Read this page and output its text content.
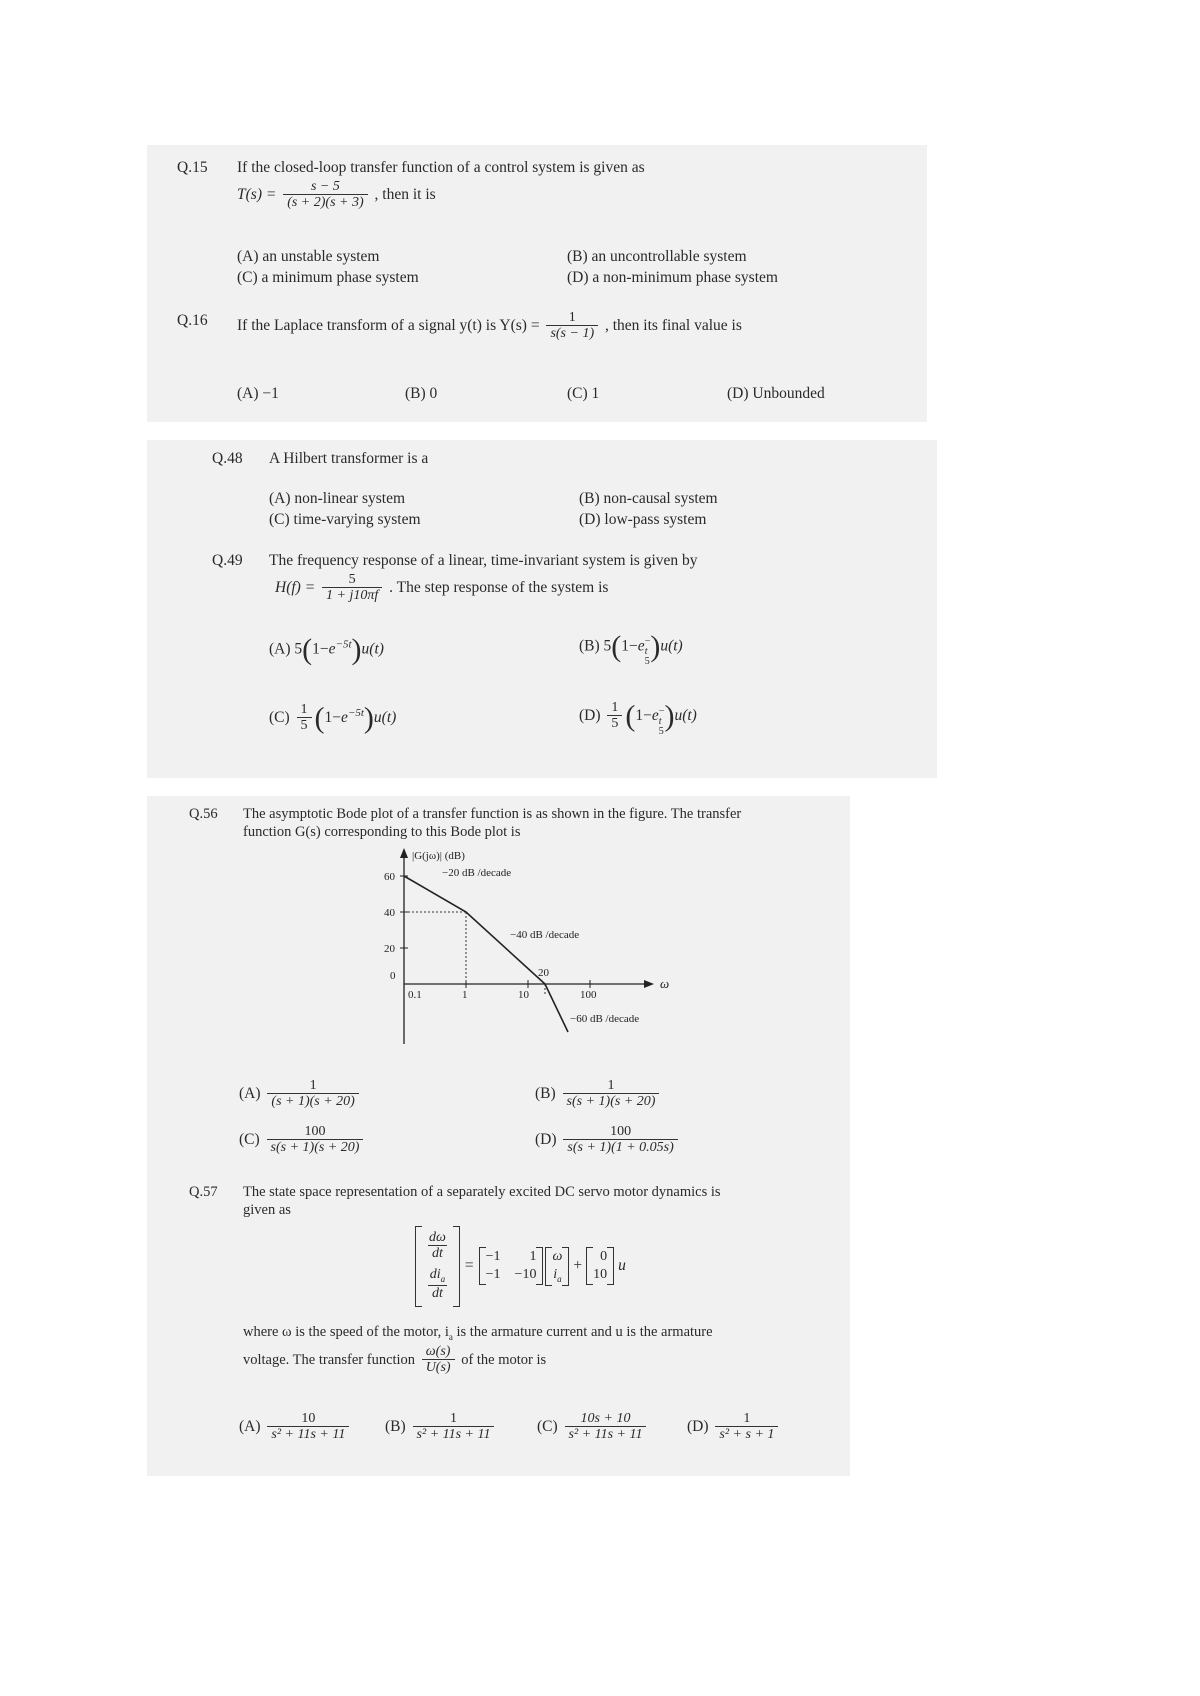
Q.15 If the closed-loop transfer function of a control system is given as
$T(s) = \frac{s - 5}{(s + 2)(s + 3)}$ , then it is
(A) an unstable system	(B) an uncontrollable system
(C) a minimum phase system	(D) a non-minimum phase system
Q.16 If the Laplace transform of a signal y(t) is $Y(s) = \frac{1}{s(s - 1)}$ , then its final value is
(A) −1	(B) 0	(C) 1	(D) Unbounded
Q.48 A Hilbert transformer is a
(A) non-linear system	(B) non-causal system
(C) time-varying system	(D) low-pass system
Q.49 The frequency response of a linear, time-invariant system is given by
$H(f) = \frac{5}{1 + j10\pi f}$ . The step response of the system is
(A) $5(1-e^{-5t})u(t)$	(B) 5(1−e −
t
5 )u(t)
$(C) \frac{1}{5} (1-e^{-5t})u(t)$	$(D) \frac{1}{5} (1-e$ −
t
5 )u(t)
Q.56 The asymptotic Bode plot of a transfer function is as shown in the figure. The transfer
function G(s) corresponding to this Bode plot is
|G(jω)| (dB)
ω
60
40
20
0
0.1	1	10	100
−20 dB /decade
−40 dB /decade
−60 dB /decade
20
$(A) \frac{1}{(s + 1)(s + 20)}$	$(B) \frac{1}{s(s + 1)(s + 20)}$
$(C) \frac{100}{s(s + 1)(s + 20)}$	$(D) \frac{100}{s(s + 1)(1 + 0.05s)}$
Q.57 The state space representation of a separately excited DC servo motor dynamics is
given as
$\frac{d\omega}{dt}$
$\frac{di_a}{dt}$
=
−1	1
−1 −10
ω
$i_a$
+
0
10
u
where ω is the speed of the motor, $i_a$ is the armature current and u is the armature
voltage. The transfer function $\frac{\omega(s)}{U(s)}$ of the motor is
$(A) \frac{10}{\text{s² + 11s + 11}} (B) \frac{1}{\text{s² + 11s + 11}}$	$(C) \frac{10s + 10}{\text{s² + 11s + 11}}$	$(D) \frac{1}{\text{s² + s + 1}}$
